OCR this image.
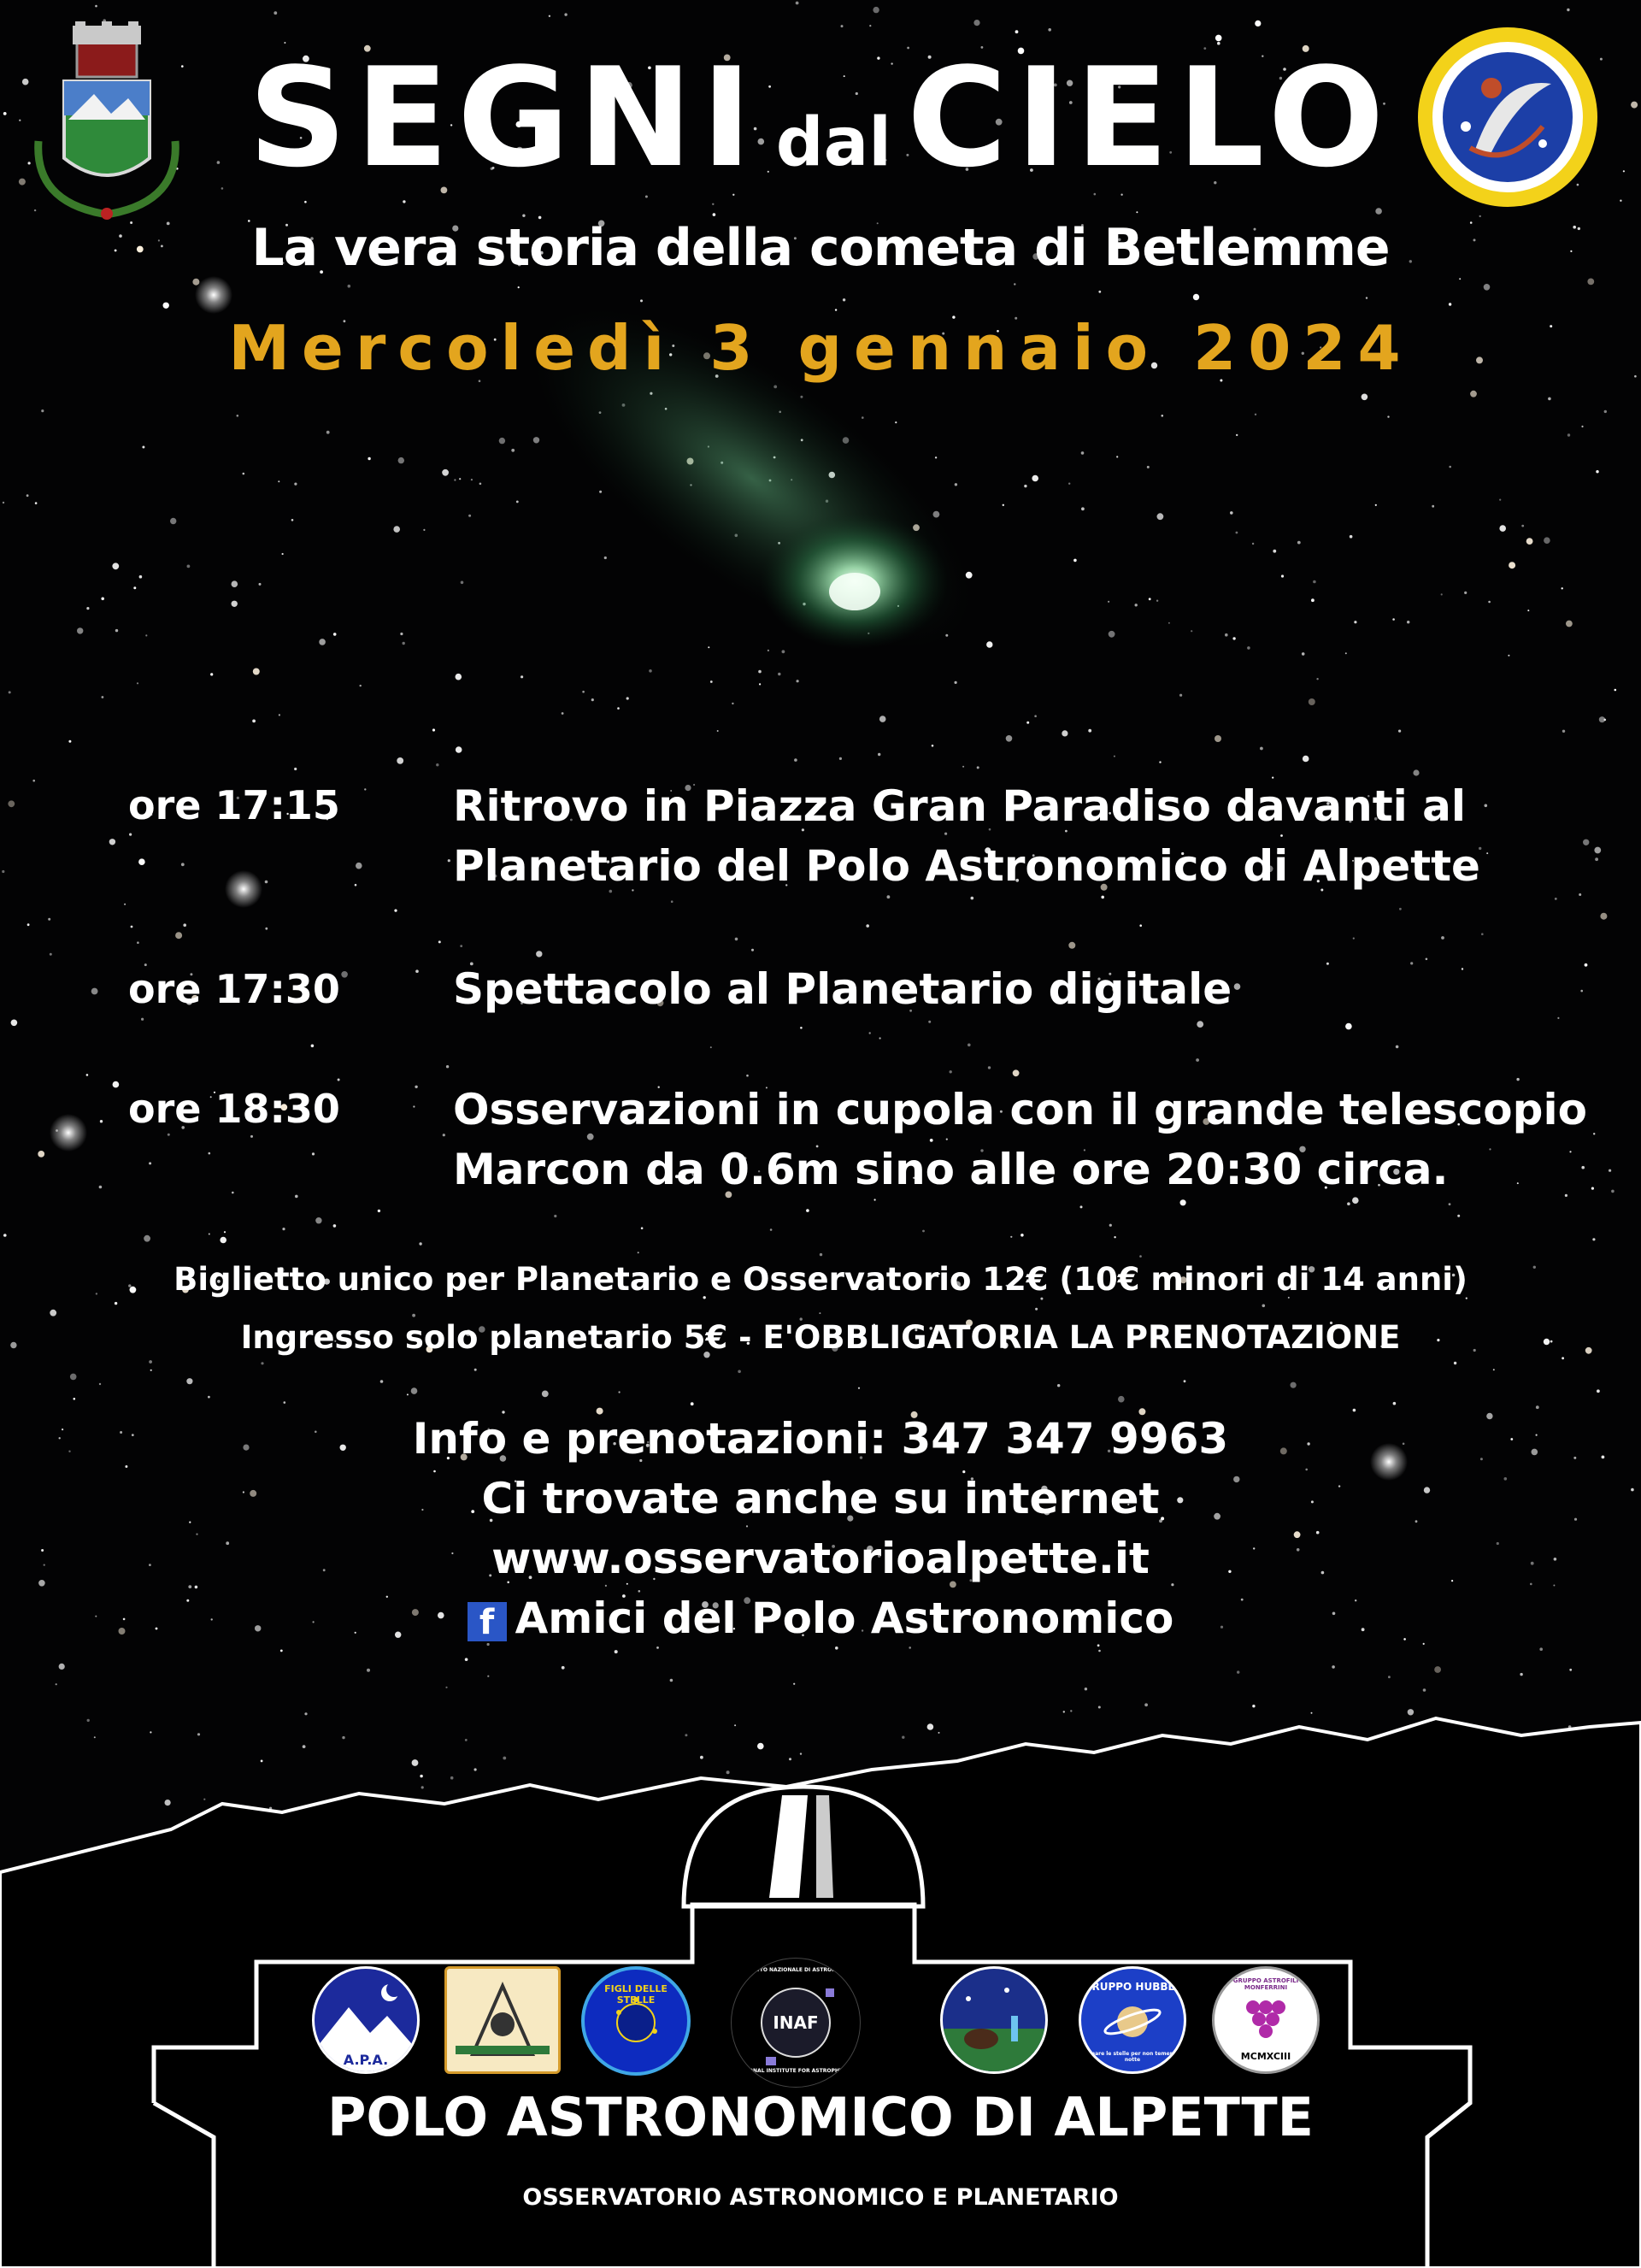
SEGNI dal CIELO
La vera storia della cometa di Betlemme
Mercoledì 3 gennaio 2024
ore 17:15	Ritrovo in Piazza Gran Paradiso davanti al
Planetario del Polo Astronomico di Alpette
ore 17:30	Spettacolo al Planetario digitale
ore 18:30	Osservazioni in cupola con il grande telescopio
Marcon da 0.6m sino alle ore 20:30 circa.
Biglietto unico per Planetario e Osservatorio 12€ (10€ minori di 14 anni)
Ingresso solo planetario 5€ - E'OBBLIGATORIA LA PRENOTAZIONE
Info e prenotazioni: 347 347 9963
Ci trovate anche su internet
www.osservatorioalpette.it
f Amici del Polo Astronomico
A.P.A.
FIGLI DELLE STELLE
INAF
ISTITUTO NAZIONALE DI ASTROFISICA
NATIONAL INSTITUTE FOR ASTROPHYSICS
GRUPPO HUBBLE
Amare le stelle per non temer la notte
GRUPPO ASTROFILI MONFERRINI
MCMXCIII
POLO ASTRONOMICO DI ALPETTE
OSSERVATORIO ASTRONOMICO E PLANETARIO
